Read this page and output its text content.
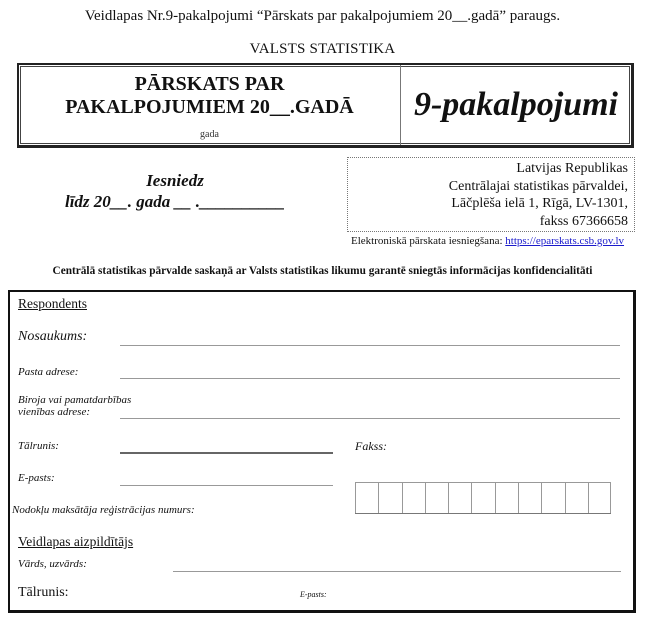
Veidlapas Nr.9-pakalpojumi “Pārskats par pakalpojumiem 20__.gadā” paraugs.
VALSTS STATISTIKA
PĀRSKATS PAR
PAKALPOJUMIEM 20__.GADĀ
gada
9-pakalpojumi
Iesniedz
līdz 20__. gada __ .__________
Latvijas Republikas
Centrālajai statistikas pārvaldei,
Lāčplēša ielā 1, Rīgā, LV-1301,
fakss 67366658
Elektroniskā pārskata iesniegšana: https://eparskats.csb.gov.lv
Centrālā statistikas pārvalde saskaņā ar Valsts statistikas likumu garantē sniegtās informācijas konfidencialitāti
Respondents
Nosaukums:
Pasta adrese:
Biroja vai pamatdarbības
vienības adrese:
Tālrunis:	Fakss:
E-pasts:
Nodokļu maksātāja reģistrācijas numurs:
Veidlapas aizpildītājs
Vārds, uzvārds:
Tālrunis:	E-pasts:
